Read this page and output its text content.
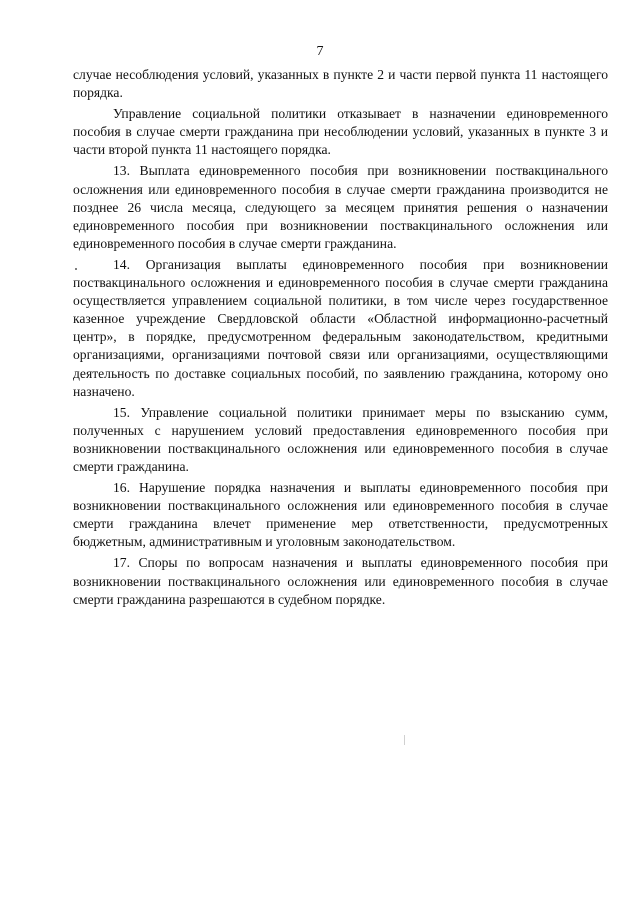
7

случае несоблюдения условий, указанных в пункте 2 и части первой пункта 11 настоящего порядка.

Управление социальной политики отказывает в назначении единовременного пособия в случае смерти гражданина при несоблюдении условий, указанных в пункте 3 и части второй пункта 11 настоящего порядка.

13. Выплата единовременного пособия при возникновении поствакцинального осложнения или единовременного пособия в случае смерти гражданина производится не позднее 26 числа месяца, следующего за месяцем принятия решения о назначении единовременного пособия при возникновении поствакцинального осложнения или единовременного пособия в случае смерти гражданина.

14. Организация выплаты единовременного пособия при возникновении поствакцинального осложнения и единовременного пособия в случае смерти гражданина осуществляется управлением социальной политики, в том числе через государственное казенное учреждение Свердловской области «Областной информационно-расчетный центр», в порядке, предусмотренном федеральным законодательством, кредитными организациями, организациями почтовой связи или организациями, осуществляющими деятельность по доставке социальных пособий, по заявлению гражданина, которому оно назначено.

15. Управление социальной политики принимает меры по взысканию сумм, полученных с нарушением условий предоставления единовременного пособия при возникновении поствакцинального осложнения или единовременного пособия в случае смерти гражданина.

16. Нарушение порядка назначения и выплаты единовременного пособия при возникновении поствакцинального осложнения или единовременного пособия в случае смерти гражданина влечет применение мер ответственности, предусмотренных бюджетным, административным и уголовным законодательством.

17. Споры по вопросам назначения и выплаты единовременного пособия при возникновении поствакцинального осложнения или единовременного пособия в случае смерти гражданина разрешаются в судебном порядке.
